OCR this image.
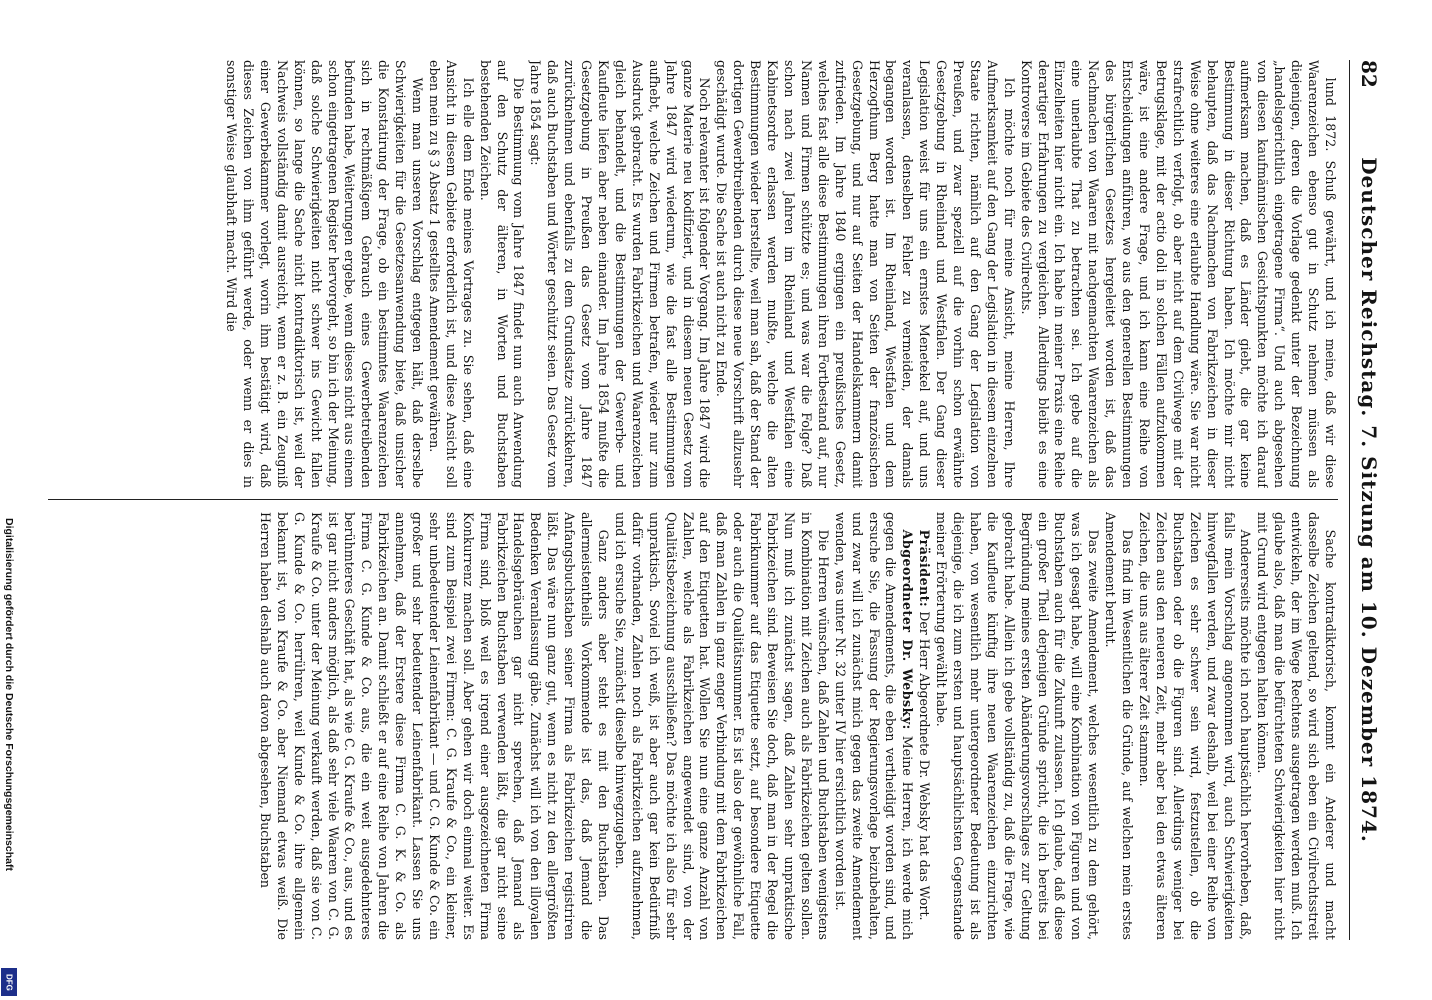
82
Deutscher Reichstag. 7. Sitzung am 10. Dezember 1874.

lund 1872. Schuß gewährt, und ich meine, daß wir diese Waarenzeichen ebenso gut in Schutz nehmen müssen als diejenigen, deren die Vorlage gedenkt unter der Bezeichnung „handelsgerichtlich eingetragene Firma“. Und auch abgesehen von diesen kaufmännischen Gesichtspunkten möchte ich darauf aufmerksam machen, daß es Länder giebt, die gar keine Bestimmung in dieser Richtung haben. Ich möchte mir nicht behaupten, daß das Nachmachen von Fabrikzeichen in dieser Weise ohne weiteres eine erlaubte Handlung wäre. Sie war nicht strafrechtlich verfolgt, ob aber nicht auf dem Civilwege mit der Betrugsklage, mit der actio doli in solchen Fällen aufzukommen wäre, ist eine andere Frage, und ich kann eine Reihe von Entscheidungen anführen, wo aus den generellen Bestimmungen des bürgerlichen Gesetzes hergeleitet worden ist, daß das Nachmachen von Waaren mit nachgemachten Waarenzeichen als eine unerlaubte That zu betrachten sei. Ich gebe auf die Einzelheiten hier nicht ein. Ich habe in meiner Praxis eine Reihe derartiger Erfahrungen zu vergleichen. Allerdings bleibt es eine Kontroverse im Gebiete des Civilrechts.

Ich möchte noch für meine Ansicht, meine Herren, Ihre Aufmerksamkeit auf den Gang der Legislation in diesem einzelnen Staate richten, nämlich auf den Gang der Legislation von Preußen, und zwar speziell auf die vorhin schon erwähnte Gesetzgebung in Rheinland und Westfalen. Der Gang dieser Legislation weist für uns ein ernstes Menetekel auf, und uns veranlassen, denselben Fehler zu vermeiden, der damals begangen worden ist. Im Rheinland, Westfalen und dem Herzogthum Berg hatte man von Seiten der französischen Gesetzgebung, und nur auf Seiten der Handelskammern damit zufrieden. Im Jahre 1840 ergingen ein preußisches Gesetz, welches fast alle diese Bestimmungen ihren Fortbestand auf, nur Namen und Firmen schützte es; und was war die Folge? Daß schon nach zwei Jahren im Rheinland und Westfalen eine Kabinetsordre erlassen werden mußte, welche die alten Bestimmungen wieder herstellte, weil man sah, daß der Stand der dortigen Gewerbtreibenden durch diese neue Vorschrift allzusehr geschädigt wurde. Die Sache ist auch nicht zu Ende.

Noch relevanter ist folgender Vorgang. Im Jahre 1847 wird die ganze Materie neu kodifiziert, und in diesem neuen Gesetz vom Jahre 1847 wird wiederum, wie die fast alle Bestimmungen aufhebt, welche Zeichen und Firmen betrafen, wieder nur zum Ausdruck gebracht. Es wurden Fabrikzeichen und Waarenzeichen gleich behandelt, und die Bestimmungen der Gewerbe- und Kaufleute liefen aber neben einander. Im Jahre 1854 mußte die Gesetzgebung in Preußen das Gesetz vom Jahre 1847 zurücknehmen und ebenfalls zu dem Grundsatze zurückkehren, daß auch Buchstaben und Wörter geschützt seien. Das Gesetz vom Jahre 1854 sagt:

Die Bestimmung vom Jahre 1847 findet nun auch Anwendung auf den Schutz der älteren, in Worten und Buchstaben bestehenden Zeichen.

Ich elle dem Ende meines Vortrages zu. Sie sehen, daß eine Ansicht in diesem Gebiete erforderlich ist, und diese Ansicht soll eben mein zu § 3 Absatz 1 gestelltes Amendement gewähren.

Wenn man unseren Vorschlag entgegen hält, daß derselbe Schwierigkeiten für die Gesetzesanwendung biete, daß unsicher die Konstatirung der Frage, ob ein bestimmtes Waarenzeichen sich in rechtmäßigem Gebrauch eines Gewerbetreibenden befunden habe, Weiterungen ergebe, wenn dieses nicht aus einem schon eingetragenen Register hervorgeht, so bin ich der Meinung, daß solche Schwierigkeiten nicht schwer ins Gewicht fallen können, so lange die Sache nicht kontradiktorisch ist, weil der Nachweis vollständig damit ausreicht, wenn er z. B. ein Zeugniß einer Gewerbekammer vorlegt, worin ihm bestätigt wird, daß dieses Zeichen von ihm geführt werde, oder wenn er dies in sonstiger Weise glaubhaft macht. Wird die

Sache kontradiktorisch, kommt ein Anderer und macht dasselbe Zeichen geltend, so wird sich eben ein Civilrechtsstreit entwickeln, der im Wege Rechtens ausgetragen werden muß. Ich glaube also, daß man die befürchteten Schwierigkeiten hier nicht mit Grund wird entgegen halten können.

Andererseits möchte ich noch hauptsächlich hervorheben, daß, falls mein Vorschlag angenommen wird, auch Schwierigkeiten hinwegfallen werden, und zwar deshalb, weil bei einer Reihe von Zeichen es sehr schwer sein wird, festzustellen, ob die Buchstaben oder ob die Figuren sind. Allerdings weniger bei Zeichen aus den neueren Zeit, mehr aber bei den etwas älteren Zeichen, die uns aus älterer Zeit stammen.

Das find im Wesentlichen die Gründe, auf welchen mein erstes Amendement beruht.

Das zweite Amendement, welches wesentlich zu dem gehört, was ich gesagt habe, will eine Kombination von Figuren und von Buchstaben auch für die Zukunft zulassen. Ich glaube, daß diese ein großer Theil derjenigen Gründe spricht, die ich bereits bei Begründung meines ersten Abänderungsvorschlages zur Geltung gebracht habe. Allein ich gebe vollständig zu, daß die Frage, wie die Kaufleute künftig ihre neuen Waarenzeichen einzurichten haben, von wesentlich mehr untergeordneter Bedeutung ist als diejenige, die ich zum ersten und hauptsächlichsten Gegenstande meiner Erörterung gewählt habe.

Präsident: Der Herr Abgeordnete Dr. Websky hat das Wort.

Abgeordneter Dr. Websky: Meine Herren, ich werde mich gegen die Amendements, die eben vertheidigt worden sind, und ersuche Sie, die Fassung der Regierungsvorlage beizubehalten, und zwar will ich zunächst mich gegen das zweite Amendement wenden, was unter Nr. 32 unter IV hier ersichtlich worden ist.

Die Herren wünschen, daß Zahlen und Buchstaben wenigstens in Kombination mit Zeichen auch als Fabrikzeichen gelten sollen. Nun muß ich zunächst sagen, daß Zahlen sehr unpraktische Fabrikzeichen sind. Beweisen Sie doch, daß man in der Regel die Fabriknummer auf das Etiquette setzt, auf besondere Etiquette oder auch die Qualitätsnummer. Es ist also der gewöhnliche Fall, daß man Zahlen in ganz enger Verbindung mit dem Fabrikzeichen auf den Etiquetten hat. Wollen Sie nun eine ganze Anzahl von Zahlen, welche als Fabrikzeichen angewendet sind, von der Qualitätsbezeichnung ausschließen? Das möchte ich also für sehr unpraktisch. Soviel ich weiß, ist aber auch gar kein Bedürfniß dafür vorhanden, Zahlen noch als Fabrikzeichen aufzunehmen, und ich ersuche Sie, zunächst dieselbe hinwegzugeben.

Ganz anders aber steht es mit den Buchstaben. Das allermeistentheils Vorkommende ist das, daß Jemand die Anfangsbuchstaben seiner Firma als Fabrikzeichen registriren läßt. Das wäre nun ganz gut, wenn es nicht zu den allergrößten Bedenken Veranlassung gäbe. Zunächst will ich von den illoyalen Handelsgebräuchen gar nicht sprechen, daß Jemand als Fabrikzeichen Buchstaben verwenden läßt, die gar nicht seine Firma sind, bloß weil es irgend einer ausgezeichneten Firma Konkurrenz machen soll. Aber gehen wir doch einmal weiter. Es sind zum Beispiel zwei Firmen: C. G. Kraufe & Co., ein kleiner, sehr unbedeutender Leinenfabrikant — und C. G. Kunde & Co. ein großer und sehr bedeutender Leinenfabrikant. Lassen Sie uns annehmen, daß der Erstere diese Firma C. G. K. & Co. als Fabrikzeichen an. Damit schließt er auf eine Reihe von Jahren die Firma C. G. Kunde & Co. aus, die ein weit ausgedehnteres berühmteres Geschäft hat, als wie C. G. Kraufe & Co., aus, und es ist gar nicht anders möglich, als daß sehr viele Waaren von C. G. Kraufe & Co. unter der Meinung verkauft werden, daß sie von C. G. Kunde & Co. herrühren, weil Kunde & Co. ihre allgemein bekannt ist, von Kraufe & Co. aber Niemand etwas weiß. Die Herren haben deshalb auch davon abgesehen, Buchstaben

Digitalisierung gefördert durch die Deutsche Forschungsgemeinschaft
DFG
